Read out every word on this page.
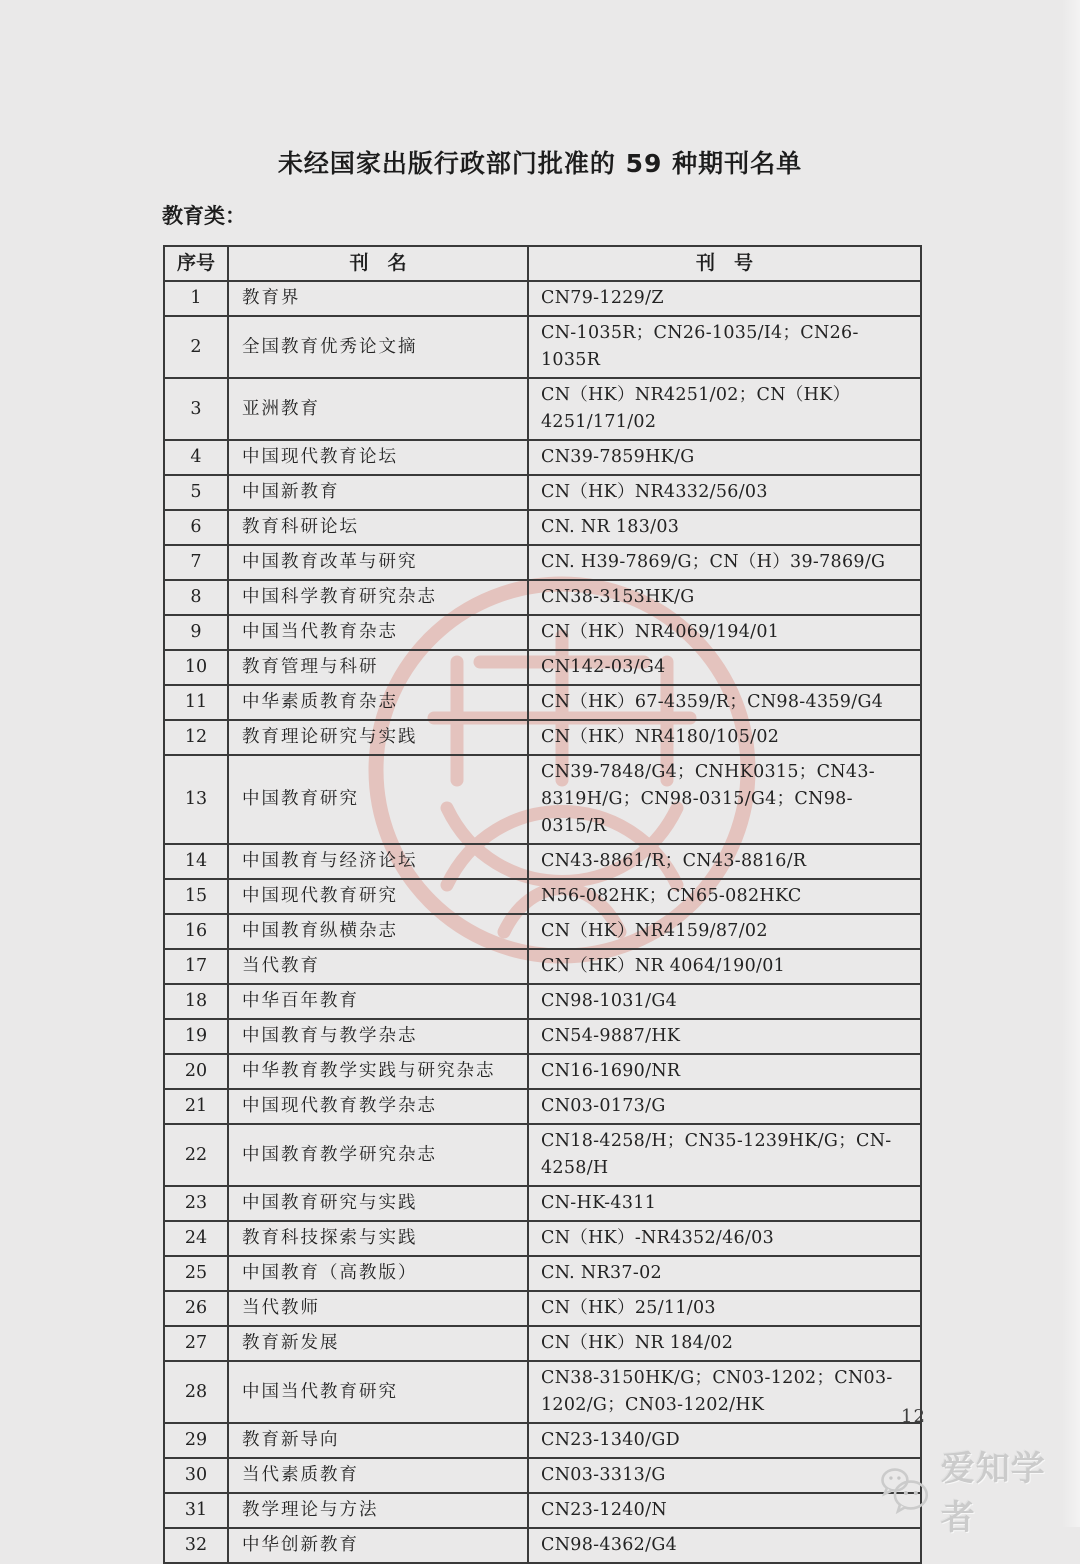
未经国家出版行政部门批准的 59 种期刊名单
教育类：
序号	刊　名	刊　号
1	教育界	CN79-1229/Z
2	全国教育优秀论文摘	CN-1035R；CN26-1035/I4；CN26-1035R
3	亚洲教育	CN（HK）NR4251/02；CN（HK）4251/171/02
4	中国现代教育论坛	CN39-7859HK/G
5	中国新教育	CN（HK）NR4332/56/03
6	教育科研论坛	CN. NR 183/03
7	中国教育改革与研究	CN. H39-7869/G；CN（H）39-7869/G
8	中国科学教育研究杂志	CN38-3153HK/G
9	中国当代教育杂志	CN（HK）NR4069/194/01
10	教育管理与科研	CN142-03/G4
11	中华素质教育杂志	CN（HK）67-4359/R；CN98-4359/G4
12	教育理论研究与实践	CN（HK）NR4180/105/02
13	中国教育研究	CN39-7848/G4；CNHK0315；CN43-8319H/G；CN98-0315/G4；CN98-0315/R
14	中国教育与经济论坛	CN43-8861/R；CN43-8816/R
15	中国现代教育研究	N56-082HK；CN65-082HKC
16	中国教育纵横杂志	CN（HK）NR4159/87/02
17	当代教育	CN（HK）NR 4064/190/01
18	中华百年教育	CN98-1031/G4
19	中国教育与教学杂志	CN54-9887/HK
20	中华教育教学实践与研究杂志	CN16-1690/NR
21	中国现代教育教学杂志	CN03-0173/G
22	中国教育教学研究杂志	CN18-4258/H；CN35-1239HK/G；CN-4258/H
23	中国教育研究与实践	CN-HK-4311
24	教育科技探索与实践	CN（HK）-NR4352/46/03
25	中国教育（高教版）	CN. NR37-02
26	当代教师	CN（HK）25/11/03
27	教育新发展	CN（HK）NR 184/02
28	中国当代教育研究	CN38-3150HK/G；CN03-1202；CN03-1202/G；CN03-1202/HK
29	教育新导向	CN23-1340/GD
30	当代素质教育	CN03-3313/G
31	教学理论与方法	CN23-1240/N
32	中华创新教育	CN98-4362/G4
12
爱知学者
